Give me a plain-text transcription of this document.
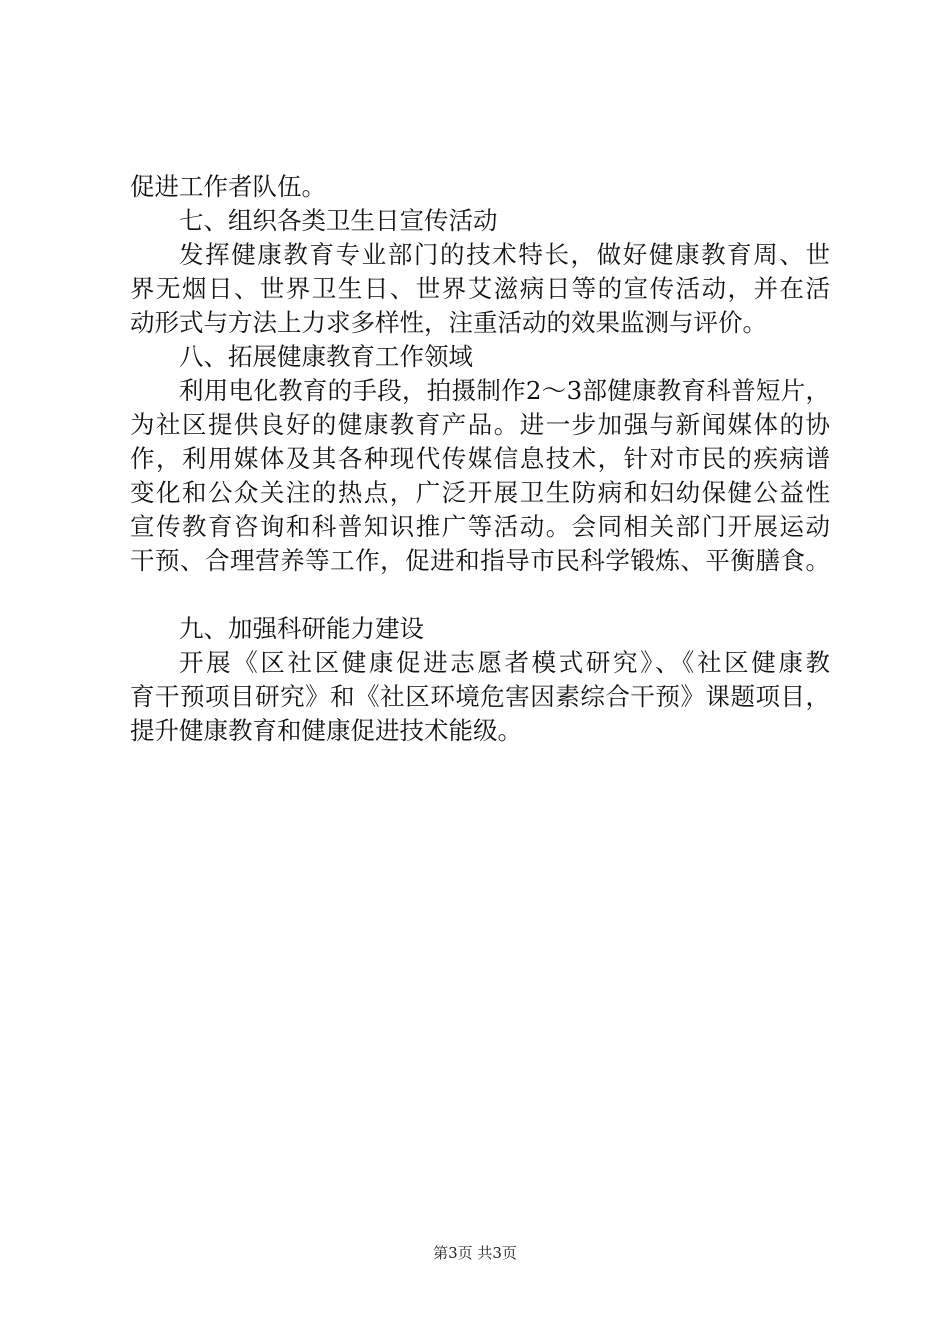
促进工作者队伍。
七、组织各类卫生日宣传活动
发挥健康教育专业部门的技术特长，做好健康教育周、世
界无烟日、世界卫生日、世界艾滋病日等的宣传活动，并在活
动形式与方法上力求多样性，注重活动的效果监测与评价。
八、拓展健康教育工作领域
利用电化教育的手段，拍摄制作2～3部健康教育科普短片，
为社区提供良好的健康教育产品。进一步加强与新闻媒体的协
作，利用媒体及其各种现代传媒信息技术，针对市民的疾病谱
变化和公众关注的热点，广泛开展卫生防病和妇幼保健公益性
宣传教育咨询和科普知识推广等活动。会同相关部门开展运动
干预、合理营养等工作，促进和指导市民科学锻炼、平衡膳食。
九、加强科研能力建设
开展《区社区健康促进志愿者模式研究》、《社区健康教
育干预项目研究》和《社区环境危害因素综合干预》课题项目，
提升健康教育和健康促进技术能级。
第3页 共3页
